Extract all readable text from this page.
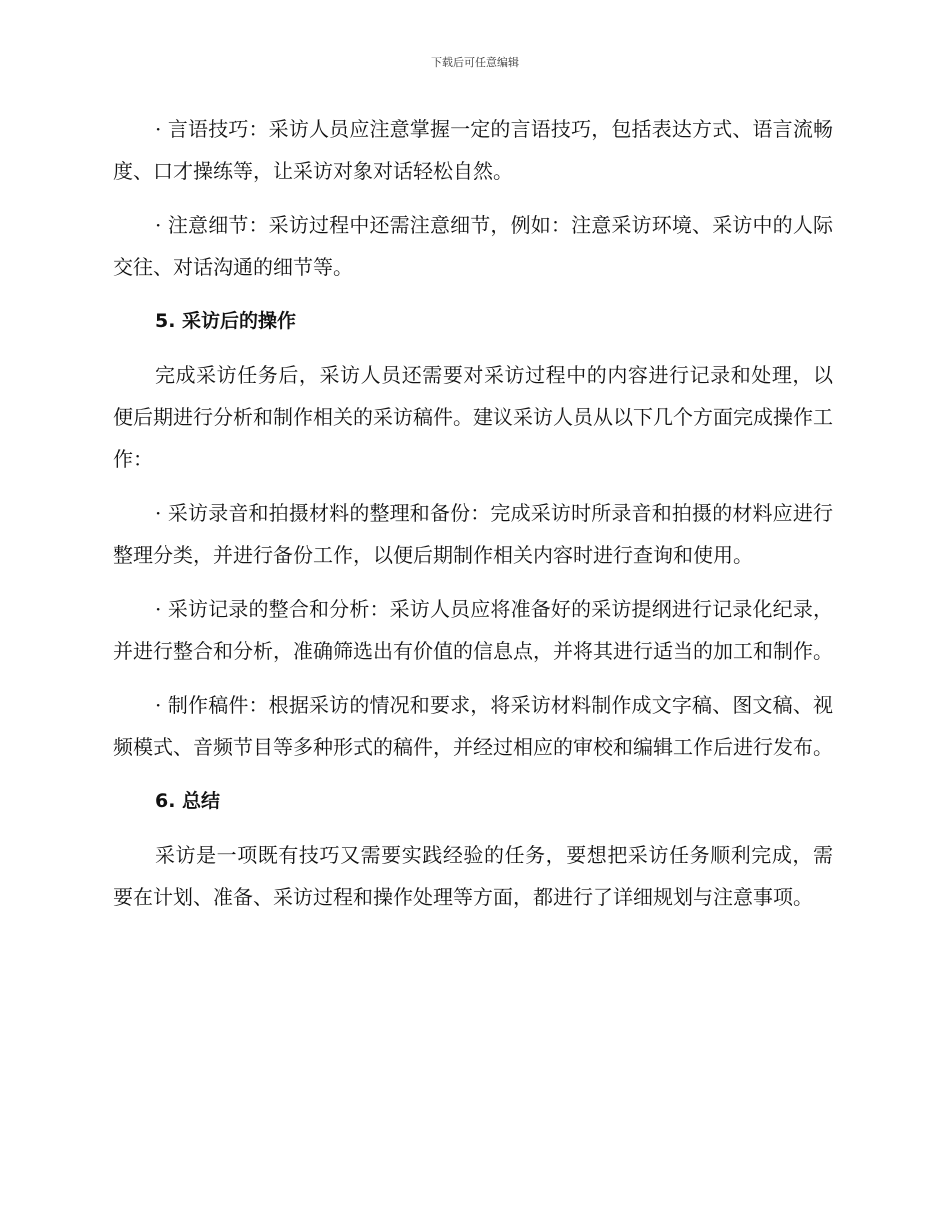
下载后可任意编辑

· 言语技巧：采访人员应注意掌握一定的言语技巧，包括表达方式、语言流畅度、口才操练等，让采访对象对话轻松自然。

· 注意细节：采访过程中还需注意细节，例如：注意采访环境、采访中的人际交往、对话沟通的细节等。

5. 采访后的操作

完成采访任务后，采访人员还需要对采访过程中的内容进行记录和处理，以便后期进行分析和制作相关的采访稿件。建议采访人员从以下几个方面完成操作工作：

· 采访录音和拍摄材料的整理和备份：完成采访时所录音和拍摄的材料应进行整理分类，并进行备份工作，以便后期制作相关内容时进行查询和使用。

· 采访记录的整合和分析：采访人员应将准备好的采访提纲进行记录化纪录，并进行整合和分析，准确筛选出有价值的信息点，并将其进行适当的加工和制作。

· 制作稿件：根据采访的情况和要求，将采访材料制作成文字稿、图文稿、视频模式、音频节目等多种形式的稿件，并经过相应的审校和编辑工作后进行发布。

6. 总结

采访是一项既有技巧又需要实践经验的任务，要想把采访任务顺利完成，需要在计划、准备、采访过程和操作处理等方面，都进行了详细规划与注意事项。
